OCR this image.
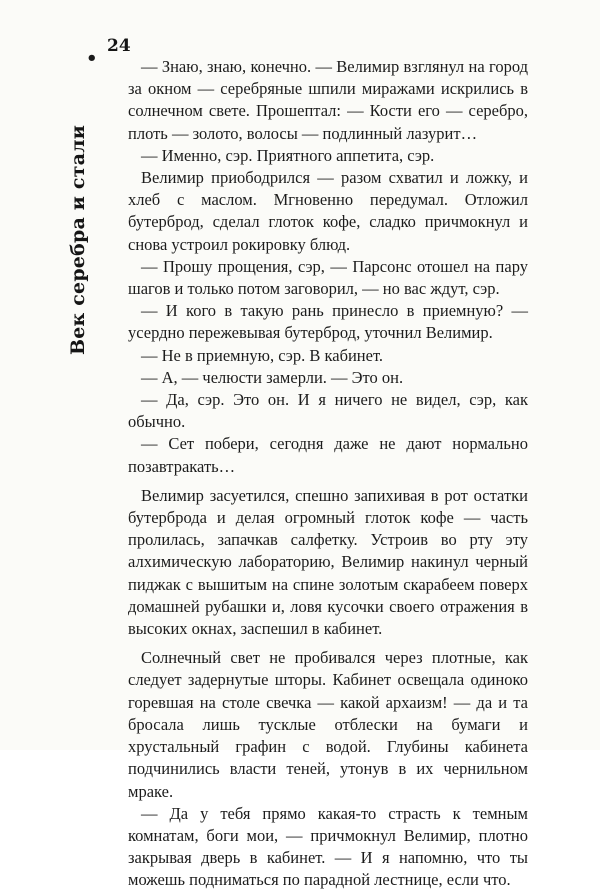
Век серебра и стали
•
24

— Знаю, знаю, конечно. — Велимир взглянул на город за окном — серебряные шпили миражами искрились в солнечном свете. Прошептал: — Кости его — серебро, плоть — золото, волосы — подлинный лазурит…

— Именно, сэр. Приятного аппетита, сэр.

Велимир приободрился — разом схватил и ложку, и хлеб с маслом. Мгновенно передумал. Отложил бутерброд, сделал глоток кофе, сладко причмокнул и снова устроил рокировку блюд.

— Прошу прощения, сэр, — Парсонс отошел на пару шагов и только потом заговорил, — но вас ждут, сэр.

— И кого в такую рань принесло в приемную? — усердно пережевывая бутерброд, уточнил Велимир.

— Не в приемную, сэр. В кабинет.

— А, — челюсти замерли. — Это он.

— Да, сэр. Это он. И я ничего не видел, сэр, как обычно.

— Сет побери, сегодня даже не дают нормально позавтракать…

Велимир засуетился, спешно запихивая в рот остатки бутерброда и делая огромный глоток кофе — часть пролилась, запачкав салфетку. Устроив во рту эту алхимическую лабораторию, Велимир накинул черный пиджак с вышитым на спине золотым скарабеем поверх домашней рубашки и, ловя кусочки своего отражения в высоких окнах, заспешил в кабинет.

Солнечный свет не пробивался через плотные, как следует задернутые шторы. Кабинет освещала одиноко горевшая на столе свечка — какой архаизм! — да и та бросала лишь тусклые отблески на бумаги и хрустальный графин с водой. Глубины кабинета подчинились власти теней, утонув в их чернильном мраке.

— Да у тебя прямо какая-то страсть к темным комнатам, боги мои, — причмокнул Велимир, плотно закрывая дверь в кабинет. — И я напомню, что ты можешь подниматься по парадной лестнице, если что.
